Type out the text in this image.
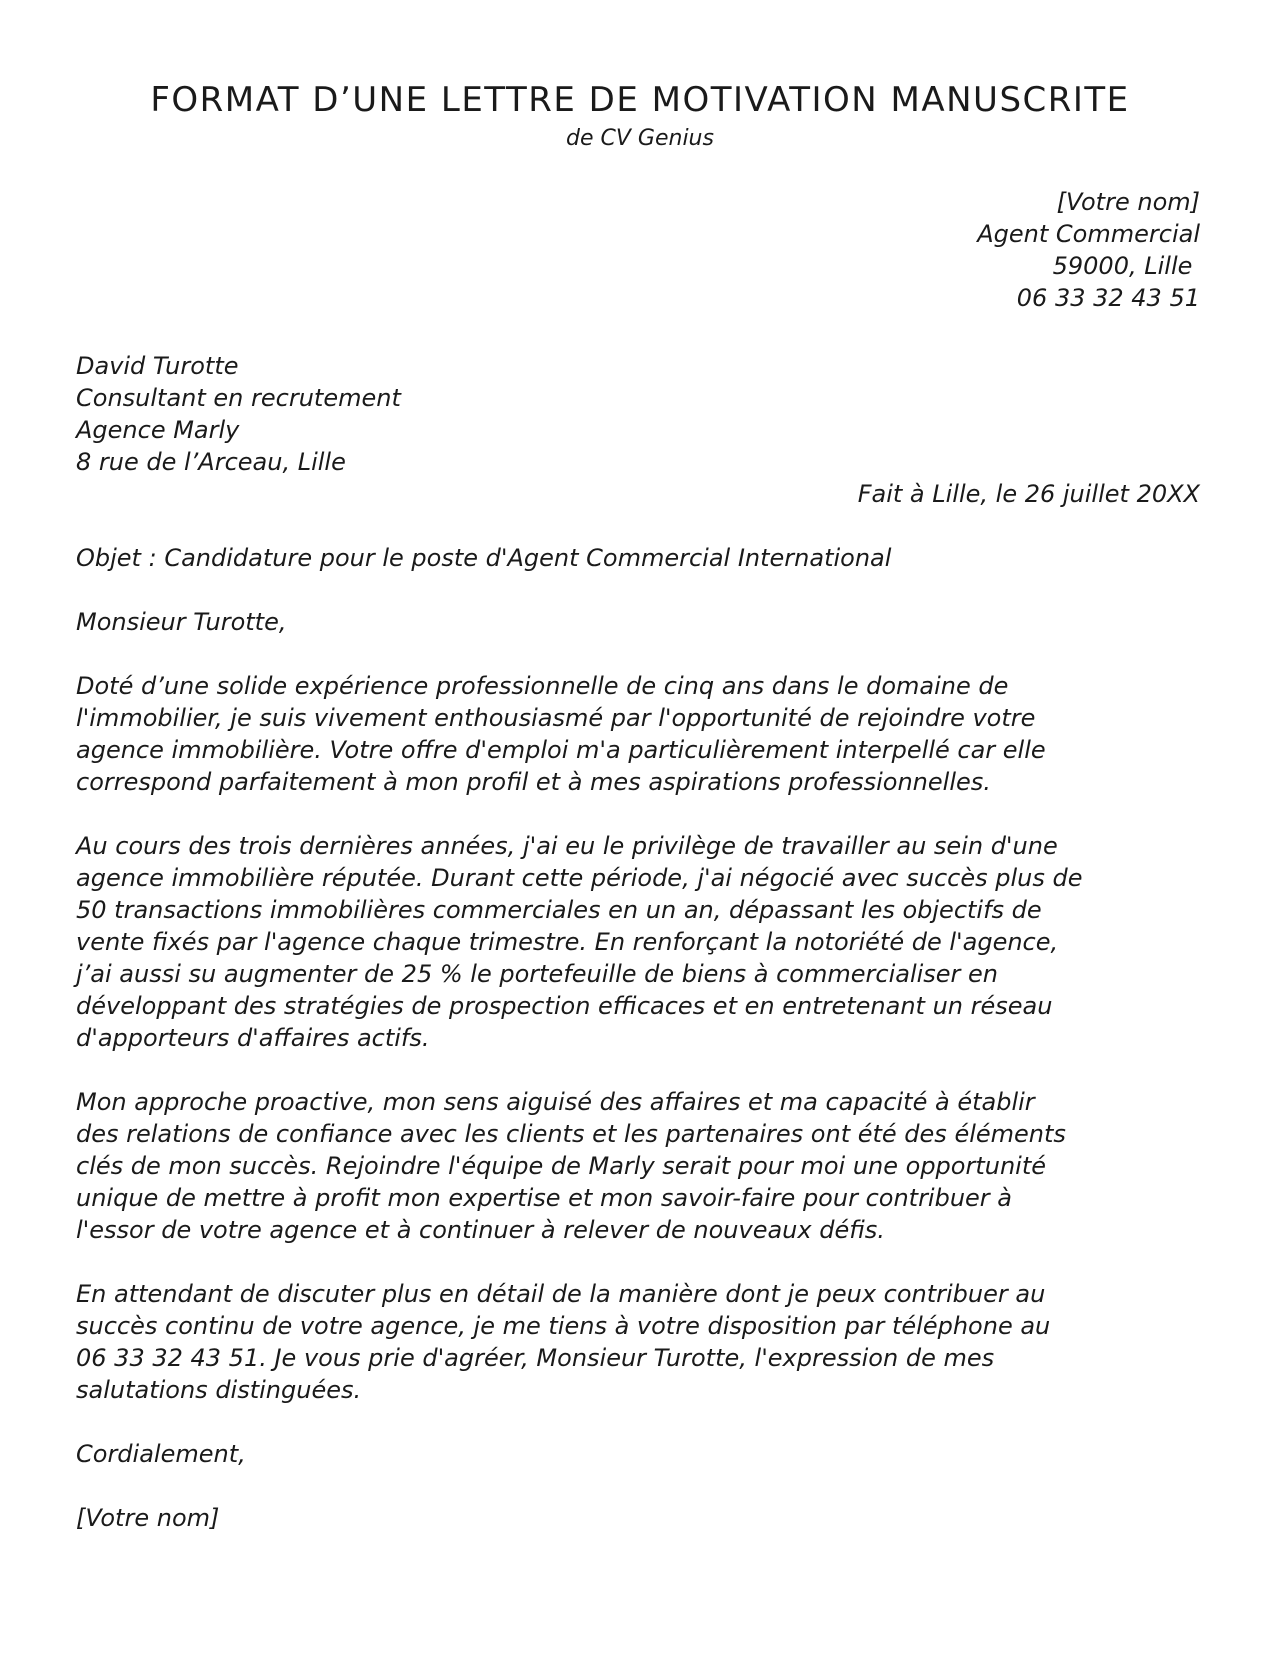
FORMAT D’UNE LETTRE DE MOTIVATION MANUSCRITE
de CV Genius
[Votre nom]
Agent Commercial
59000, Lille
06 33 32 43 51
David Turotte
Consultant en recrutement
Agence Marly
8 rue de l’Arceau, Lille
Fait à Lille, le 26 juillet 20XX
Objet : Candidature pour le poste d'Agent Commercial International
Monsieur Turotte,
Doté d’une solide expérience professionnelle de cinq ans dans le domaine de
l'immobilier, je suis vivement enthousiasmé par l'opportunité de rejoindre votre
agence immobilière. Votre offre d'emploi m'a particulièrement interpellé car elle
correspond parfaitement à mon profil et à mes aspirations professionnelles.
Au cours des trois dernières années, j'ai eu le privilège de travailler au sein d'une
agence immobilière réputée. Durant cette période, j'ai négocié avec succès plus de
50 transactions immobilières commerciales en un an, dépassant les objectifs de
vente fixés par l'agence chaque trimestre. En renforçant la notoriété de l'agence,
j’ai aussi su augmenter de 25 % le portefeuille de biens à commercialiser en
développant des stratégies de prospection efficaces et en entretenant un réseau
d'apporteurs d'affaires actifs.
Mon approche proactive, mon sens aiguisé des affaires et ma capacité à établir
des relations de confiance avec les clients et les partenaires ont été des éléments
clés de mon succès. Rejoindre l'équipe de Marly serait pour moi une opportunité
unique de mettre à profit mon expertise et mon savoir-faire pour contribuer à
l'essor de votre agence et à continuer à relever de nouveaux défis.
En attendant de discuter plus en détail de la manière dont je peux contribuer au
succès continu de votre agence, je me tiens à votre disposition par téléphone au
06 33 32 43 51. Je vous prie d'agréer, Monsieur Turotte, l'expression de mes
salutations distinguées.
Cordialement,
[Votre nom]
